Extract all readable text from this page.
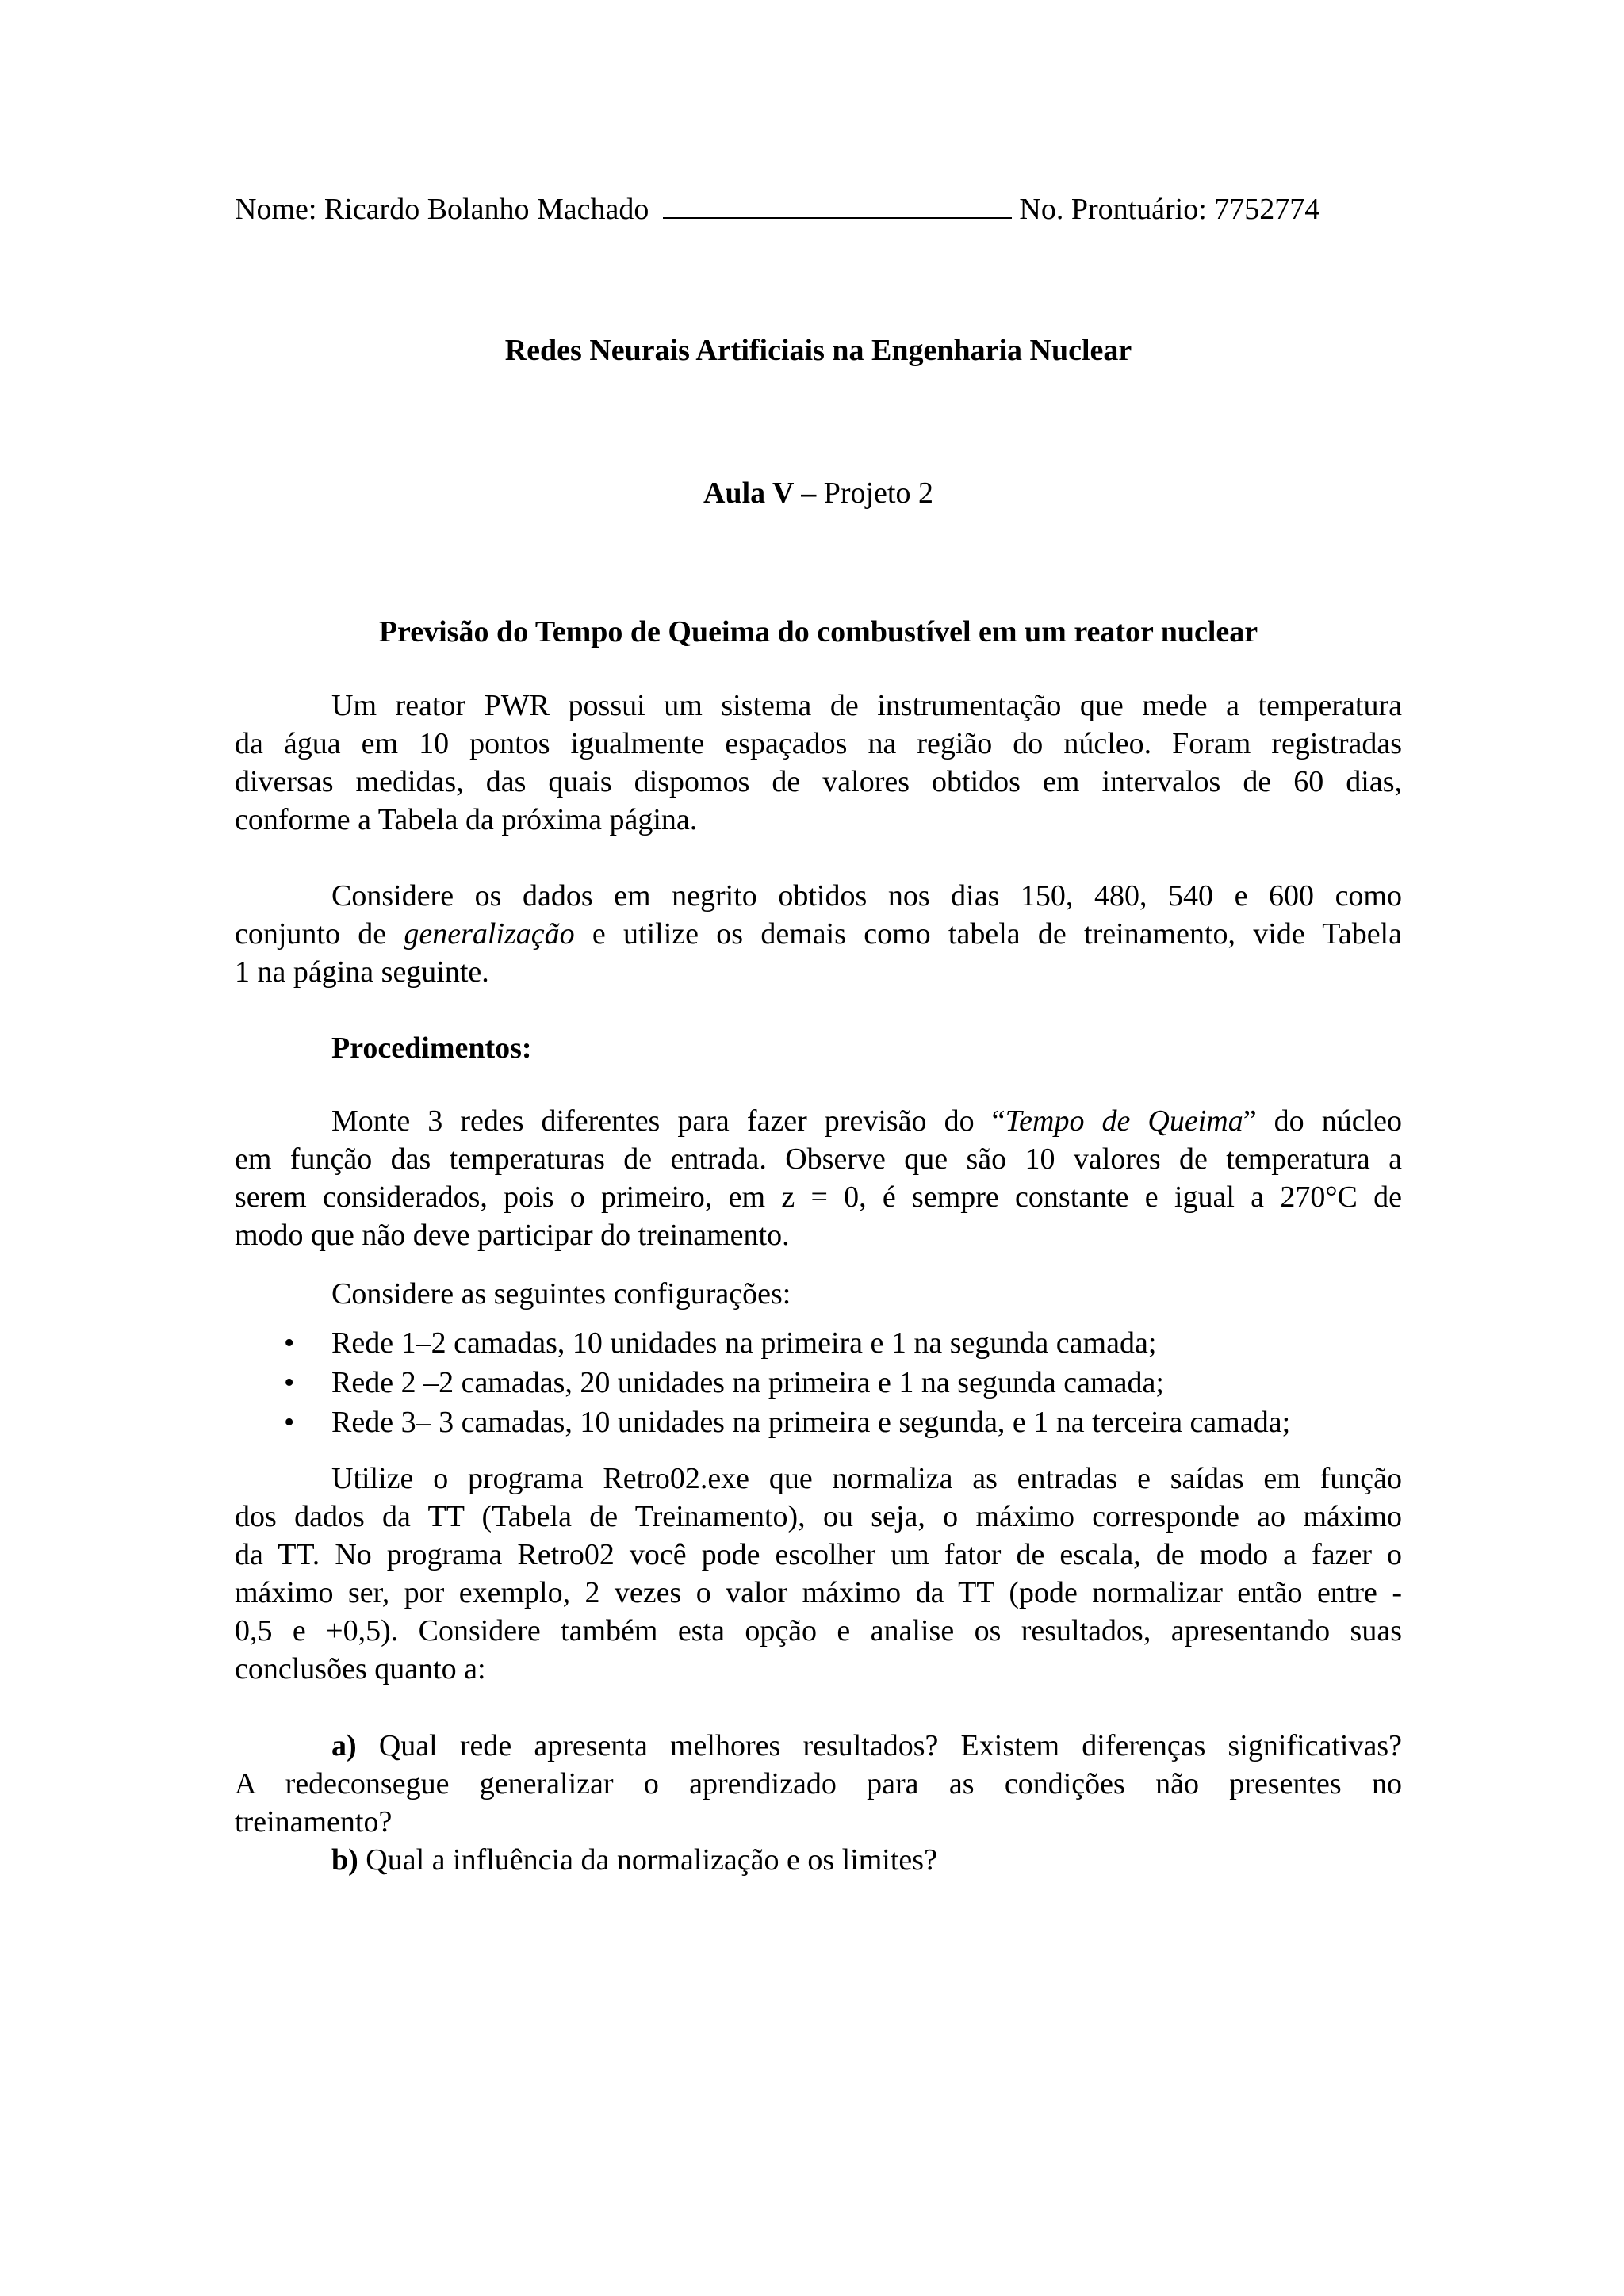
Nome: Ricardo Bolanho Machado	No. Prontuário: 7752774
Redes Neurais Artificiais na Engenharia Nuclear
Aula V – Projeto 2
Previsão do Tempo de Queima do combustível em um reator nuclear
Um reator PWR possui um sistema de instrumentação que mede a temperatura
da água em 10 pontos igualmente espaçados na região do núcleo. Foram registradas
diversas medidas, das quais dispomos de valores obtidos em intervalos de 60 dias,
conforme a Tabela da próxima página.
Considere os dados em negrito obtidos nos dias 150, 480, 540 e 600 como
conjunto de generalização e utilize os demais como tabela de treinamento, vide Tabela
1 na página seguinte.
Procedimentos:
Monte 3 redes diferentes para fazer previsão do “Tempo de Queima” do núcleo
em função das temperaturas de entrada. Observe que são 10 valores de temperatura a
serem considerados, pois o primeiro, em z = 0, é sempre constante e igual a 270°C de
modo que não deve participar do treinamento.
Considere as seguintes configurações:
•Rede 1–2 camadas, 10 unidades na primeira e 1 na segunda camada;
•Rede 2 –2 camadas, 20 unidades na primeira e 1 na segunda camada;
•Rede 3– 3 camadas, 10 unidades na primeira e segunda, e 1 na terceira camada;
Utilize o programa Retro02.exe que normaliza as entradas e saídas em função
dos dados da TT (Tabela de Treinamento), ou seja, o máximo corresponde ao máximo
da TT. No programa Retro02 você pode escolher um fator de escala, de modo a fazer o
máximo ser, por exemplo, 2 vezes o valor máximo da TT (pode normalizar então entre -
0,5 e +0,5). Considere também esta opção e analise os resultados, apresentando suas
conclusões quanto a:
a) Qual rede apresenta melhores resultados? Existem diferenças significativas?
A redeconsegue generalizar o aprendizado para as condições não presentes no
treinamento?
b) Qual a influência da normalização e os limites?
